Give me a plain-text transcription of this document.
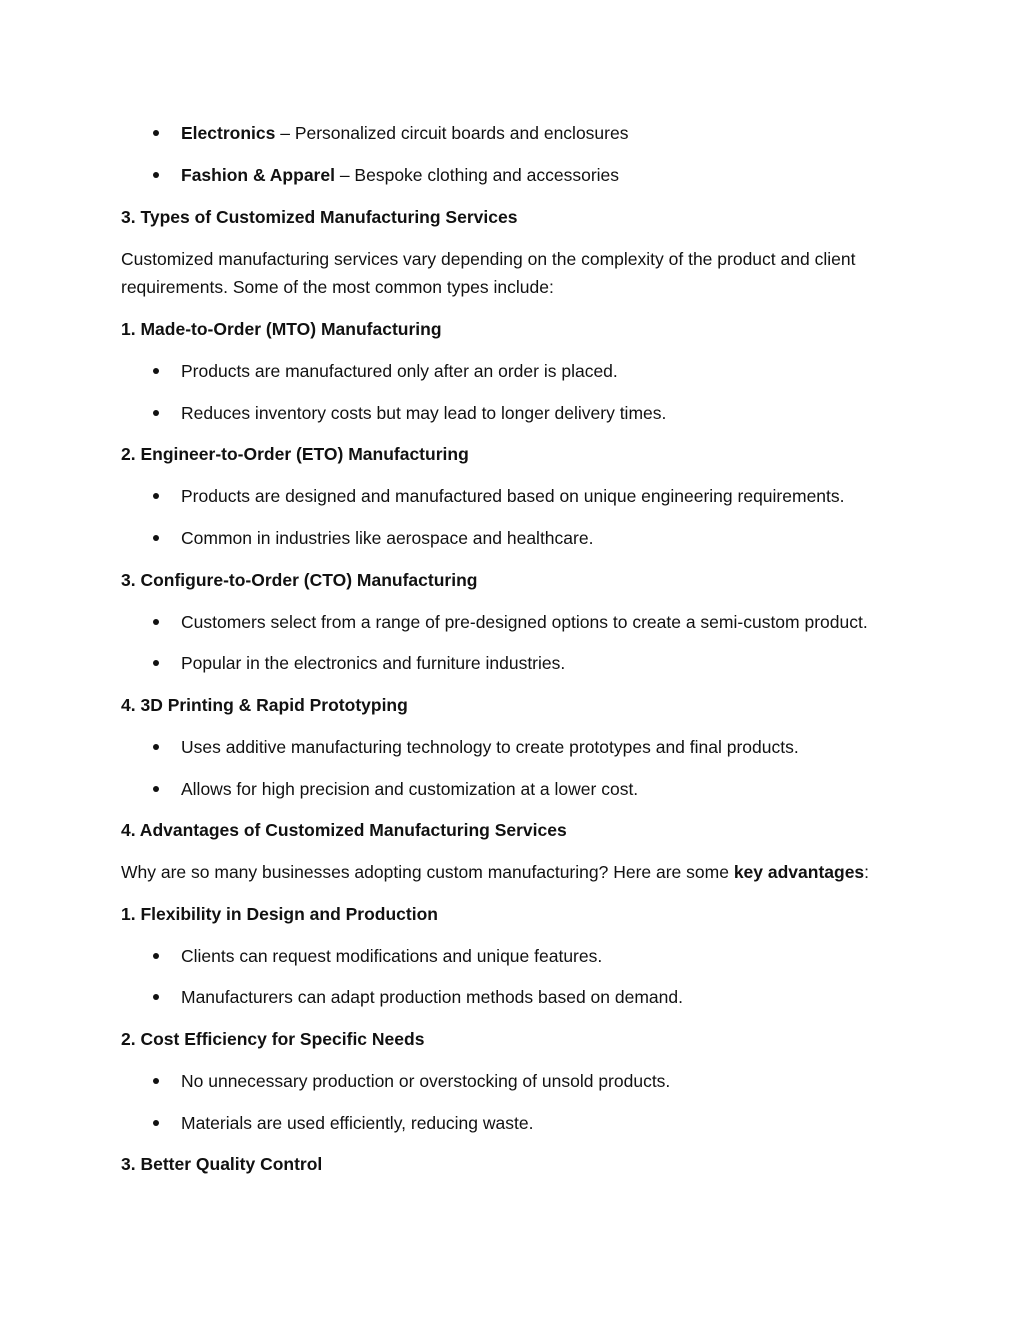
Electronics – Personalized circuit boards and enclosures
Fashion & Apparel – Bespoke clothing and accessories
3. Types of Customized Manufacturing Services
Customized manufacturing services vary depending on the complexity of the product and client
requirements. Some of the most common types include:
1. Made-to-Order (MTO) Manufacturing
Products are manufactured only after an order is placed.
Reduces inventory costs but may lead to longer delivery times.
2. Engineer-to-Order (ETO) Manufacturing
Products are designed and manufactured based on unique engineering requirements.
Common in industries like aerospace and healthcare.
3. Configure-to-Order (CTO) Manufacturing
Customers select from a range of pre-designed options to create a semi-custom product.
Popular in the electronics and furniture industries.
4. 3D Printing & Rapid Prototyping
Uses additive manufacturing technology to create prototypes and final products.
Allows for high precision and customization at a lower cost.
4. Advantages of Customized Manufacturing Services
Why are so many businesses adopting custom manufacturing? Here are some key advantages:
1. Flexibility in Design and Production
Clients can request modifications and unique features.
Manufacturers can adapt production methods based on demand.
2. Cost Efficiency for Specific Needs
No unnecessary production or overstocking of unsold products.
Materials are used efficiently, reducing waste.
3. Better Quality Control
